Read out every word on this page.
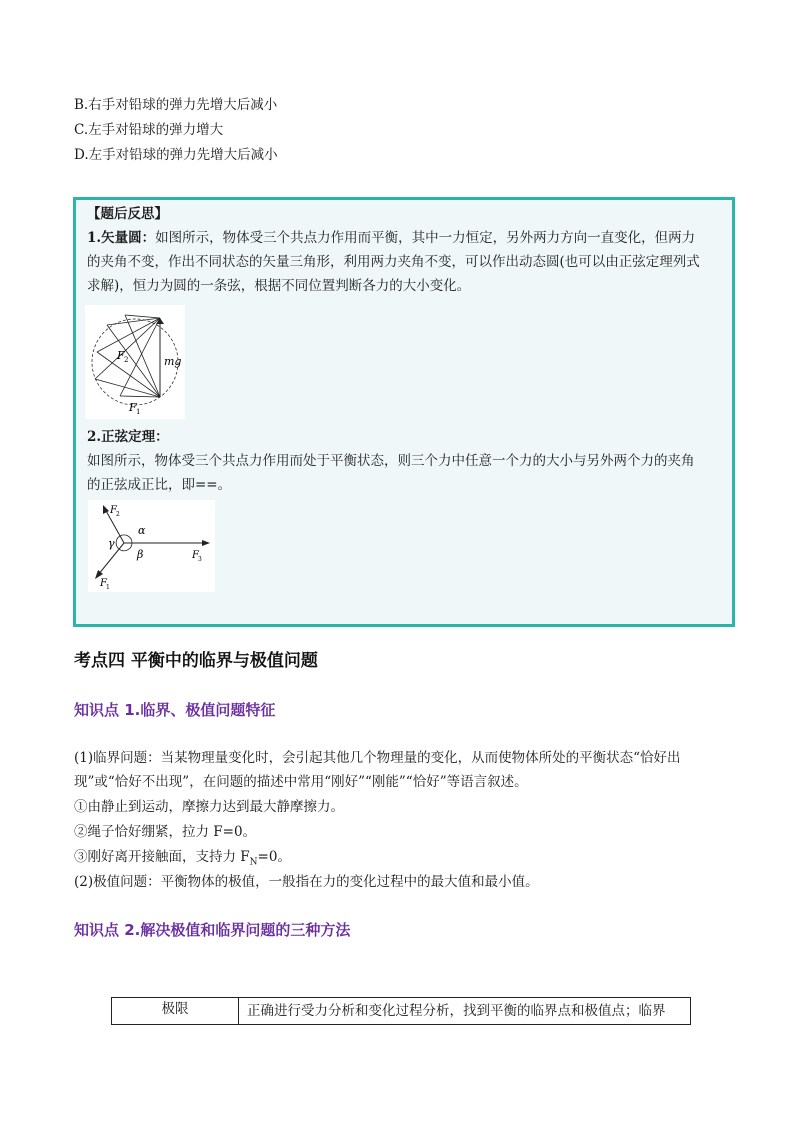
B.右手对铅球的弹力先增大后减小
C.左手对铅球的弹力增大
D.左手对铅球的弹力先增大后减小
【题后反思】
1.矢量圆：如图所示，物体受三个共点力作用而平衡，其中一力恒定，另外两力方向一直变化，但两力
的夹角不变，作出不同状态的矢量三角形，利用两力夹角不变，可以作出动态圆(也可以由正弦定理列式
求解)，恒力为圆的一条弦，根据不同位置判断各力的大小变化。
F 2	mg
F 1
2.正弦定理：
如图所示，物体受三个共点力作用而处于平衡状态，则三个力中任意一个力的大小与另外两个力的夹角
的正弦成正比，即==。
F 2
α
γ
β	F 3
F 1
考点四 平衡中的临界与极值问题
知识点 1.临界、极值问题特征
(1)临界问题：当某物理量变化时，会引起其他几个物理量的变化，从而使物体所处的平衡状态“恰好出
现”或“恰好不出现”，在问题的描述中常用“刚好”“刚能”“恰好”等语言叙述。
①由静止到运动，摩擦力达到最大静摩擦力。
②绳子恰好绷紧，拉力 F=0。
③刚好离开接触面，支持力 $F_N=0$。
(2)极值问题：平衡物体的极值，一般指在力的变化过程中的最大值和最小值。
知识点 2.解决极值和临界问题的三种方法
极限	正确进行受力分析和变化过程分析，找到平衡的临界点和极值点；临界
